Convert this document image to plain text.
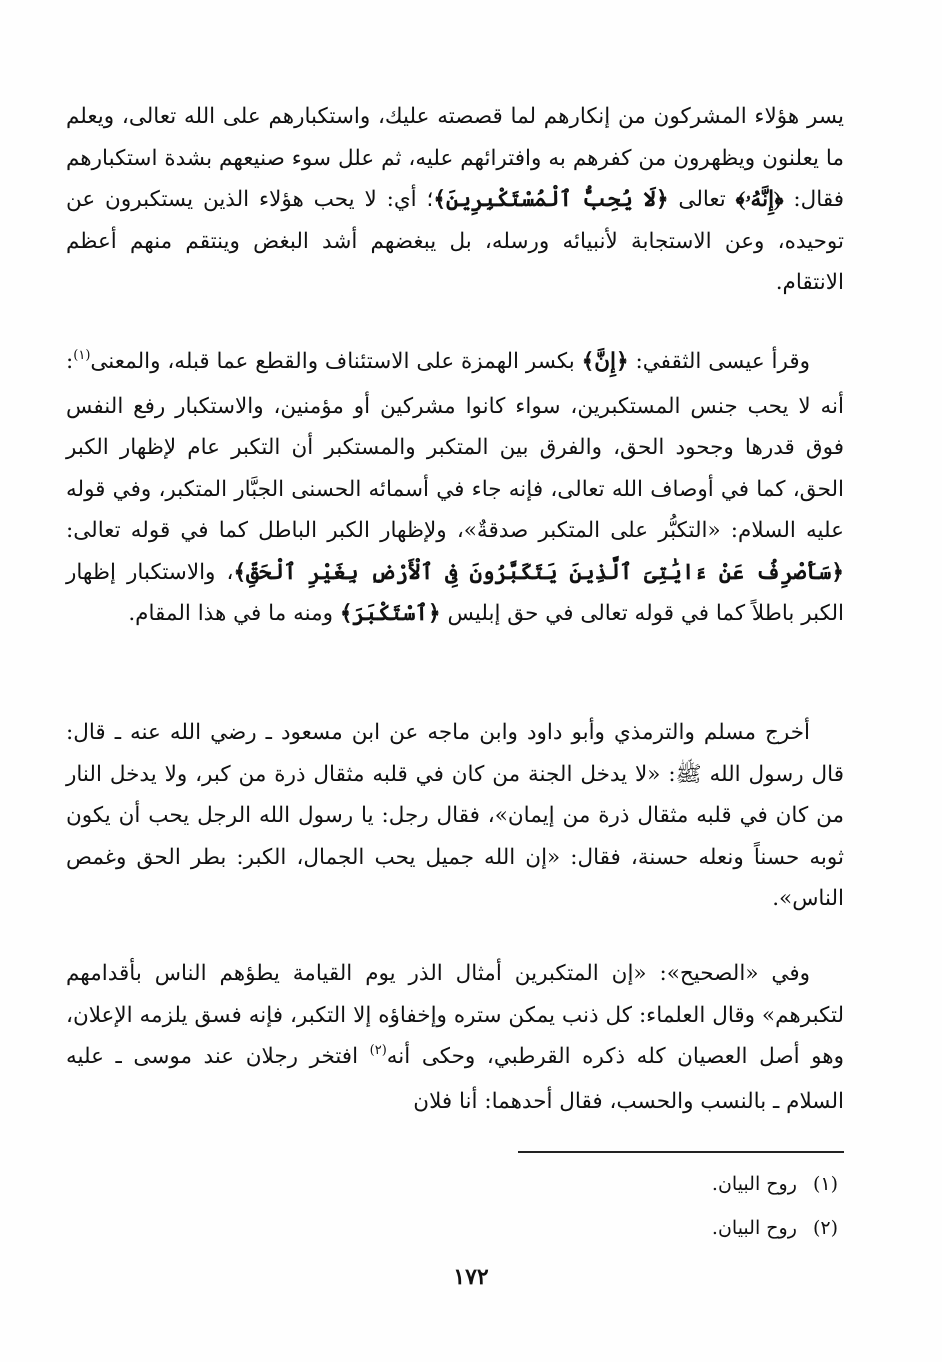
يسر هؤلاء المشركون من إنكارهم لما قصصته عليك، واستكبارهم على الله تعالى، ويعلم ما يعلنون ويظهرون من كفرهم به وافترائهم عليه، ثم علل سوء صنيعهم بشدة استكبارهم فقال: ﴿إِنَّهُۥ﴾ تعالى ﴿لَا يُحِبُّ ٱلْمُسْتَكْبِرِينَ﴾؛ أي: لا يحب هؤلاء الذين يستكبرون عن توحيده، وعن الاستجابة لأنبيائه ورسله، بل يبغضهم أشد البغض وينتقم منهم أعظم الانتقام.

وقرأ عيسى الثقفي: ﴿إِنَّ﴾ بكسر الهمزة على الاستئناف والقطع عما قبله، والمعنى$^{(١)}$: أنه لا يحب جنس المستكبرين، سواء كانوا مشركين أو مؤمنين، والاستكبار رفع النفس فوق قدرها وجحود الحق، والفرق بين المتكبر والمستكبر أن التكبر عام لإظهار الكبر الحق، كما في أوصاف الله تعالى، فإنه جاء في أسمائه الحسنى الجبَّار المتكبر، وفي قوله عليه السلام: «التكبُّر على المتكبر صدقةٌ»، ولإظهار الكبر الباطل كما في قوله تعالى: ﴿سَأَصْرِفُ عَنْ ءَايَٰتِىَ ٱلَّذِينَ يَتَكَبَّرُونَ فِى ٱلْأَرْضِ بِغَيْرِ ٱلْحَقِّ﴾، والاستكبار إظهار الكبر باطلاً كما في قوله تعالى في حق إبليس ﴿ٱسْتَكْبَرَ﴾ ومنه ما في هذا المقام.

أخرج مسلم والترمذي وأبو داود وابن ماجه عن ابن مسعود ـ رضي الله عنه ـ قال: قال رسول الله ﷺ: «لا يدخل الجنة من كان في قلبه مثقال ذرة من كبر، ولا يدخل النار من كان في قلبه مثقال ذرة من إيمان»، فقال رجل: يا رسول الله الرجل يحب أن يكون ثوبه حسناً ونعله حسنة، فقال: «إن الله جميل يحب الجمال، الكبر: بطر الحق وغمص الناس».

وفي «الصحيح»: «إن المتكبرين أمثال الذر يوم القيامة يطؤهم الناس بأقدامهم لتكبرهم» وقال العلماء: كل ذنب يمكن ستره وإخفاؤه إلا التكبر، فإنه فسق يلزمه الإعلان، وهو أصل العصيان كله ذكره القرطبي، وحكى أنه$^{(٢)}$ افتخر رجلان عند موسى ـ عليه السلام ـ بالنسب والحسب، فقال أحدهما: أنا فلان

(١) روح البيان.
(٢) روح البيان.
١٧٢
